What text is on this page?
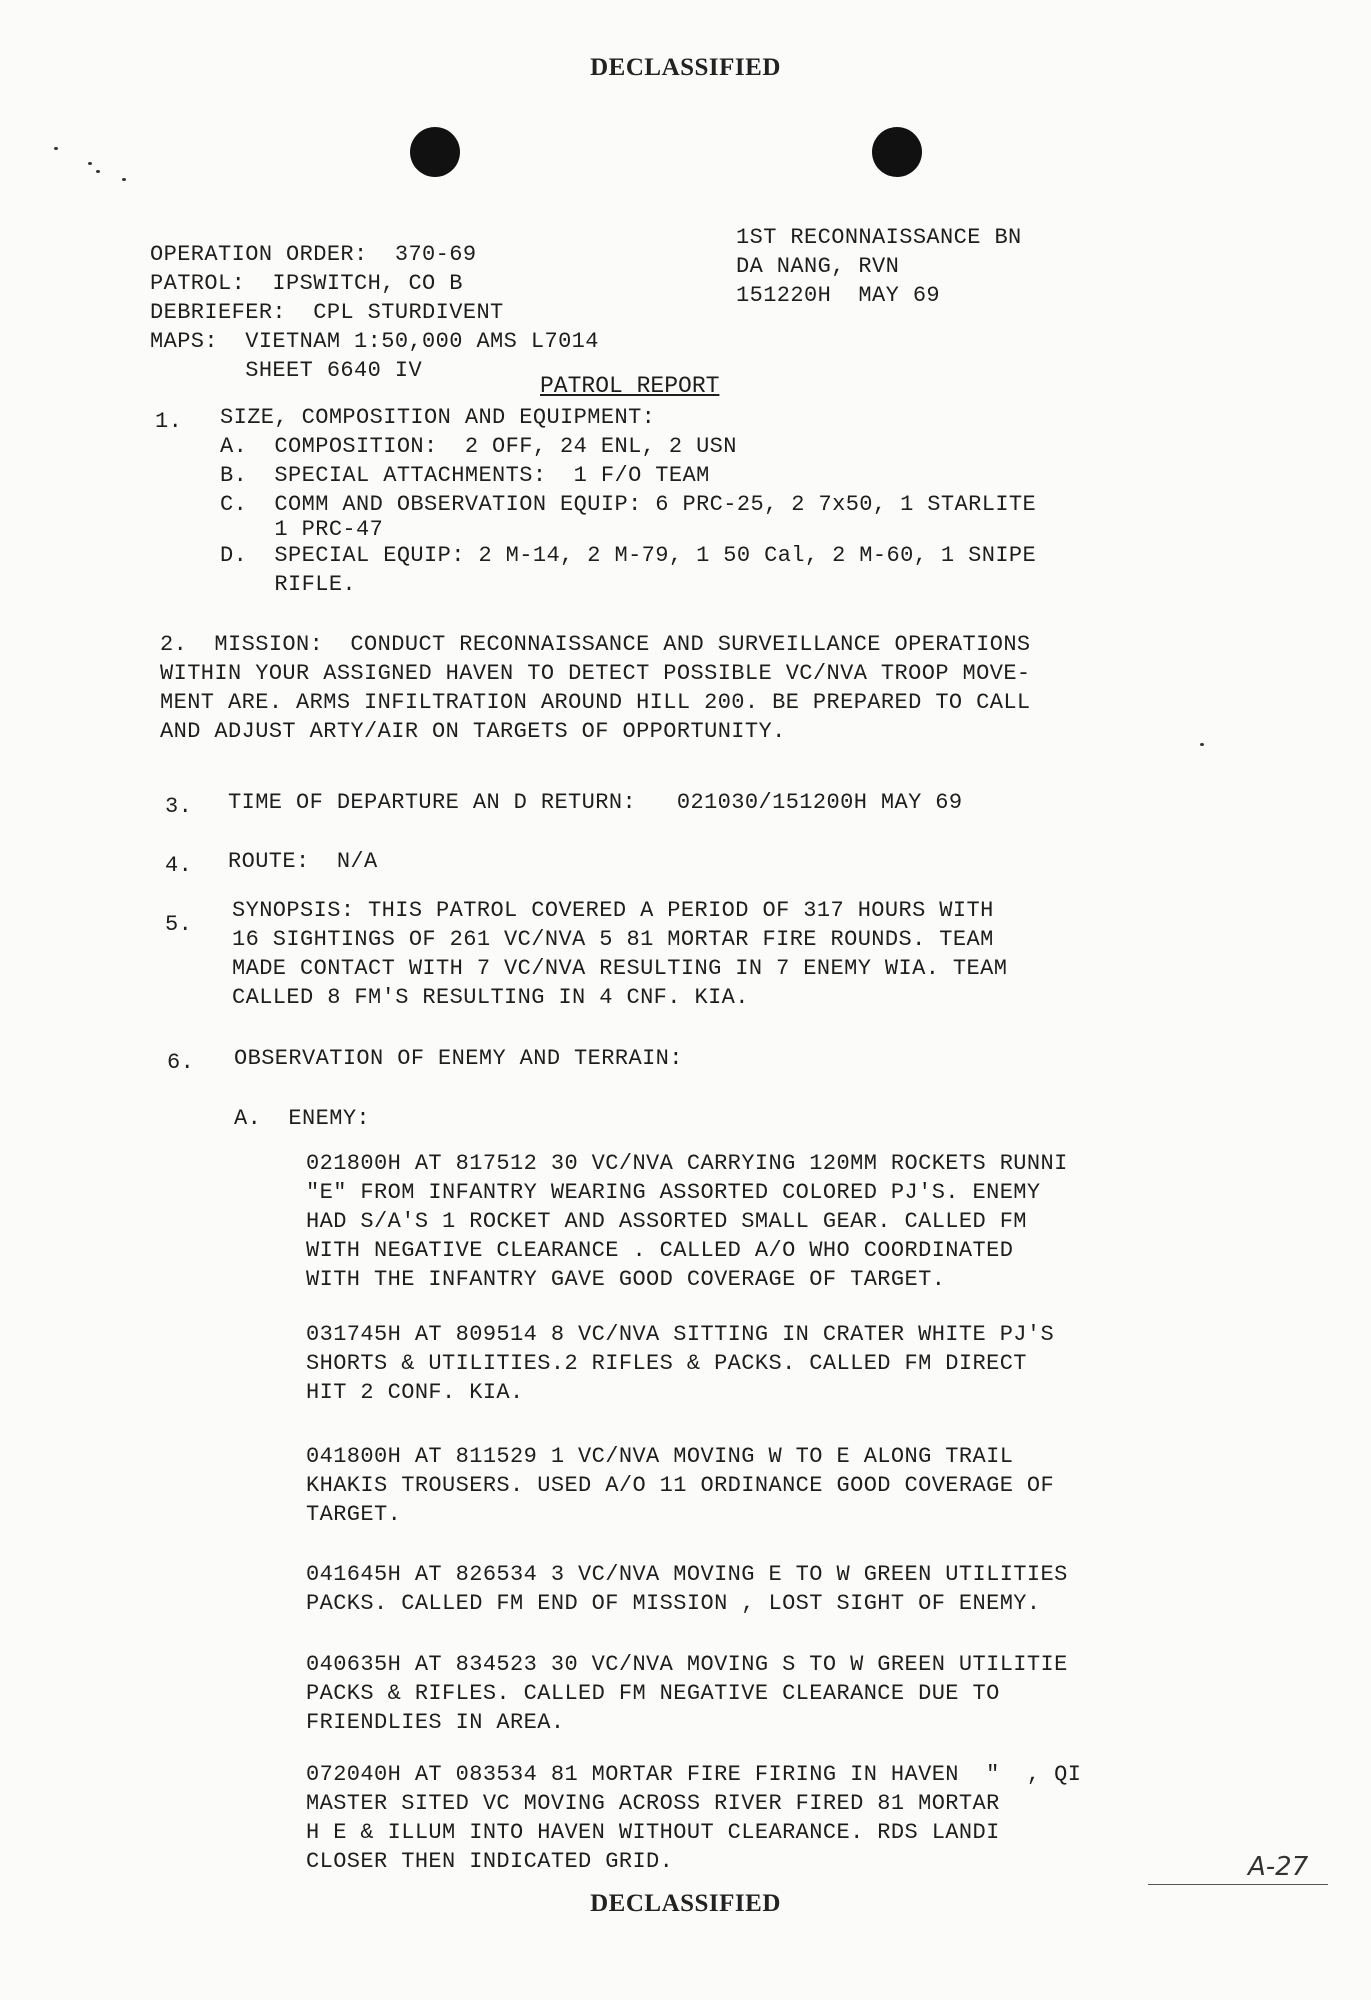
DECLASSIFIED
OPERATION ORDER:  370-69
PATROL:  IPSWITCH, CO B
DEBRIEFER:  CPL STURDIVENT
MAPS:  VIETNAM 1:50,000 AMS L7014
SHEET 6640 IV
1ST RECONNAISSANCE BN
DA NANG, RVN
151220H  MAY 69
PATROL REPORT
1. SIZE, COMPOSITION AND EQUIPMENT:
A.  COMPOSITION:  2 OFF, 24 ENL, 2 USN
B.  SPECIAL ATTACHMENTS:  1 F/O TEAM
C.  COMM AND OBSERVATION EQUIP: 6 PRC-25, 2 7x50, 1 STARLITE
1 PRC-47
D.  SPECIAL EQUIP: 2 M-14, 2 M-79, 1 50 Cal, 2 M-60, 1 SNIPE
RIFLE.
2.  MISSION:  CONDUCT RECONNAISSANCE AND SURVEILLANCE OPERATIONS
WITHIN YOUR ASSIGNED HAVEN TO DETECT POSSIBLE VC/NVA TROOP MOVE-
MENT ARE. ARMS INFILTRATION AROUND HILL 200. BE PREPARED TO CALL
AND ADJUST ARTY/AIR ON TARGETS OF OPPORTUNITY.
3. TIME OF DEPARTURE AN D RETURN:   021030/151200H MAY 69
4. ROUTE:  N/A
5.
SYNOPSIS: THIS PATROL COVERED A PERIOD OF 317 HOURS WITH
16 SIGHTINGS OF 261 VC/NVA 5 81 MORTAR FIRE ROUNDS. TEAM
MADE CONTACT WITH 7 VC/NVA RESULTING IN 7 ENEMY WIA. TEAM
CALLED 8 FM'S RESULTING IN 4 CNF. KIA.
6. OBSERVATION OF ENEMY AND TERRAIN:
A.  ENEMY:
021800H AT 817512 30 VC/NVA CARRYING 120MM ROCKETS RUNNI
"E" FROM INFANTRY WEARING ASSORTED COLORED PJ'S. ENEMY
HAD S/A'S 1 ROCKET AND ASSORTED SMALL GEAR. CALLED FM
WITH NEGATIVE CLEARANCE . CALLED A/O WHO COORDINATED
WITH THE INFANTRY GAVE GOOD COVERAGE OF TARGET.
031745H AT 809514 8 VC/NVA SITTING IN CRATER WHITE PJ'S
SHORTS & UTILITIES.2 RIFLES & PACKS. CALLED FM DIRECT
HIT 2 CONF. KIA.
041800H AT 811529 1 VC/NVA MOVING W TO E ALONG TRAIL
KHAKIS TROUSERS. USED A/O 11 ORDINANCE GOOD COVERAGE OF
TARGET.
041645H AT 826534 3 VC/NVA MOVING E TO W GREEN UTILITIES
PACKS. CALLED FM END OF MISSION , LOST SIGHT OF ENEMY.
040635H AT 834523 30 VC/NVA MOVING S TO W GREEN UTILITIE
PACKS & RIFLES. CALLED FM NEGATIVE CLEARANCE DUE TO
FRIENDLIES IN AREA.
072040H AT 083534 81 MORTAR FIRE FIRING IN HAVEN  "  , QI
MASTER SITED VC MOVING ACROSS RIVER FIRED 81 MORTAR
H E & ILLUM INTO HAVEN WITHOUT CLEARANCE. RDS LANDI
CLOSER THEN INDICATED GRID.	A-27
DECLASSIFIED
